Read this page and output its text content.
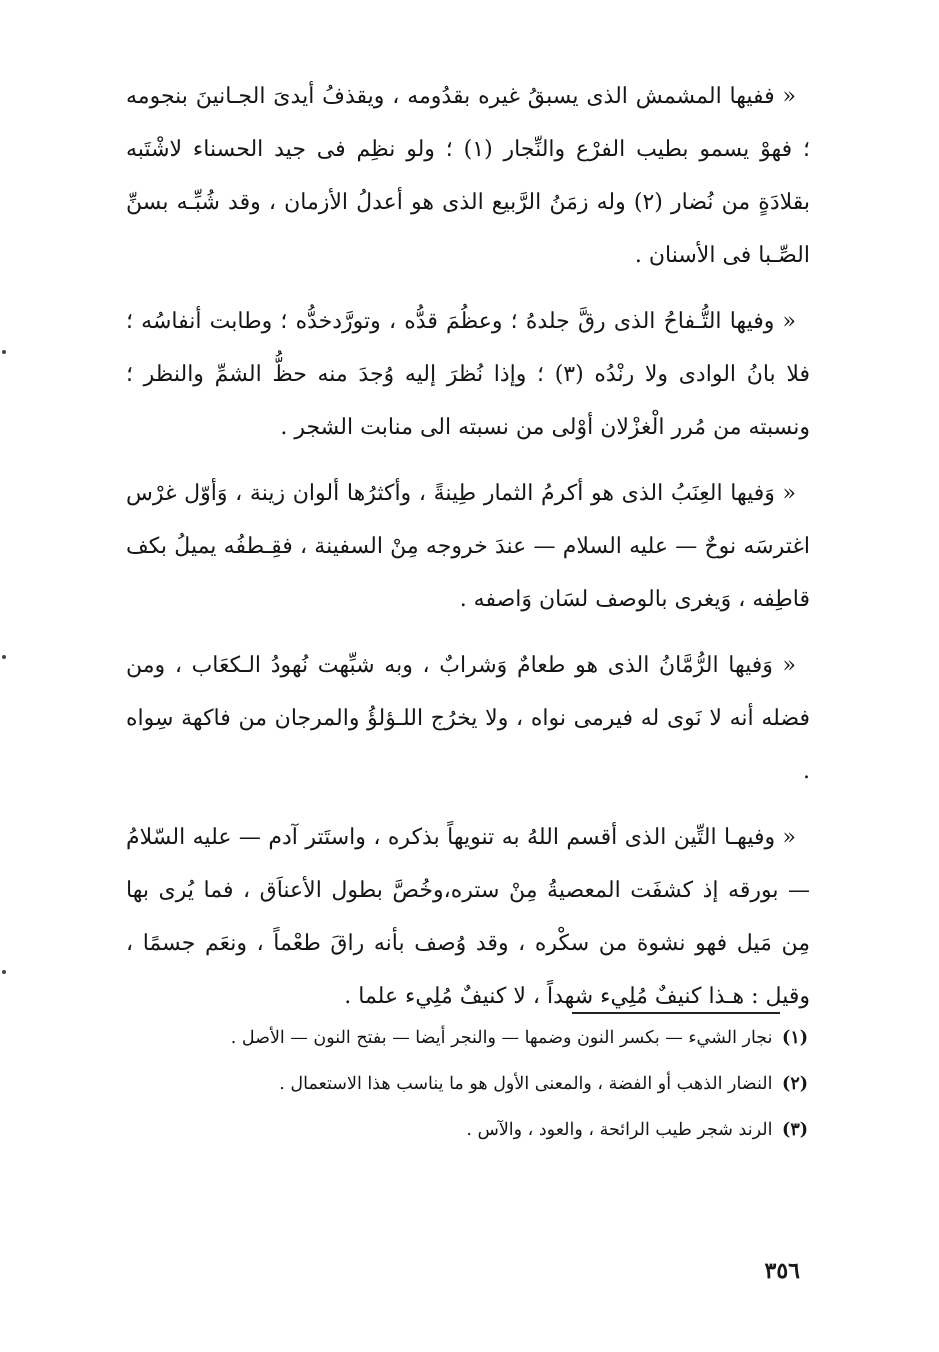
« ففيها المشمش الذى يسبقُ غيره بقدُومه ، ويقذفُ أيدىَ الجـانينَ بنجومه ؛ فهوْ يسمو بطيب الفرْع والنِّجار (١) ؛ ولو نظِم فى جيد الحسناء لاشْتَبه بقلادَةٍ من نُضار (٢) وله زمَنُ الرَّبيع الذى هو أعدلُ الأزمان ، وقد شُبِّـه بسنِّ الصِّـبا فى الأسنان .

« وفيها التُّـفاحُ الذى رقَّ جلدهُ ؛ وعظُمَ قدُّه ، وتورَّدخدُّه ؛ وطابت أنفاسُه ؛ فلا بانُ الوادى ولا رنْدُه (٣) ؛ وإذا نُظرَ إليه وُجدَ منه حظُّ الشمِّ والنظر ؛ ونسبته من مُرر الْغزْلان أوْلى من نسبته الى منابت الشجر .

« وَفيها العِنَبُ الذى هو أكرمُ الثمار طِينةً ، وأكثرُها ألوان زينة ، وَأوّل غرْس اغترسَه نوحٌ — عليه السلام — عندَ خروجه مِنْ السفينة ، فقِـطفُه يميلُ بكف قاطِفه ، وَيغرى بالوصف لسَان وَاصفه .

« وَفيها الرُّمَّانُ الذى هو طعامٌ وَشرابٌ ، وبه شبِّهت نُهودُ الـكعَاب ، ومن فضله أنه لا نَوى له فيرمى نواه ، ولا يخرُج اللـؤلؤُ والمرجان من فاكهة سِواه .

« وفيهـا التِّين الذى أقسم اللهُ به تنويهاً بذكره ، واستَتر آدم — عليه السّلامُ — بورقه إذ كشفَت المعصيةُ مِنْ ستره،وخُصَّ بطول الأعناَق ، فما يُرى بها مِن مَيل فهو نشوة من سكْره ، وقد وُصف بأنه راقَ طعْماً ، ونعَم جسمًا ، وقيل : هـذا كنيفٌ مُلِيء شهداً ، لا كنيفٌ مُلِيء علما .

(١) نجار الشيء — بكسر النون وضمها — والنجر أيضا — بفتح النون — الأصل .

(٢) النضار الذهب أو الفضة ، والمعنى الأول هو ما يناسب هذا الاستعمال .

(٣) الرند شجر طيب الرائحة ، والعود ، والآس .

٣٥٦
